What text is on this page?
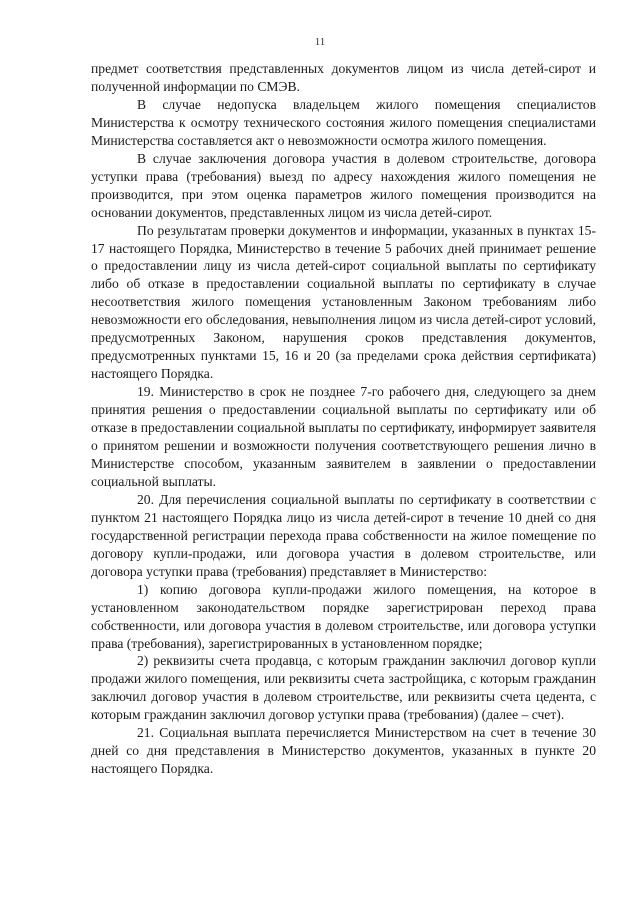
11

предмет соответствия представленных документов лицом из числа детей-сирот и полученной информации по СМЭВ.

В случае недопуска владельцем жилого помещения специалистов Министерства к осмотру технического состояния жилого помещения специалистами Министерства составляется акт о невозможности осмотра жилого помещения.

В случае заключения договора участия в долевом строительстве, договора уступки права (требования) выезд по адресу нахождения жилого помещения не производится, при этом оценка параметров жилого помещения производится на основании документов, представленных лицом из числа детей-сирот.

По результатам проверки документов и информации, указанных в пунктах 15-17 настоящего Порядка, Министерство в течение 5 рабочих дней принимает решение о предоставлении лицу из числа детей-сирот социальной выплаты по сертификату либо об отказе в предоставлении социальной выплаты по сертификату в случае несоответствия жилого помещения установленным Законом требованиям либо невозможности его обследования, невыполнения лицом из числа детей-сирот условий, предусмотренных Законом, нарушения сроков представления документов, предусмотренных пунктами 15, 16 и 20 (за пределами срока действия сертификата) настоящего Порядка.

19. Министерство в срок не позднее 7-го рабочего дня, следующего за днем принятия решения о предоставлении социальной выплаты по сертификату или об отказе в предоставлении социальной выплаты по сертификату, информирует заявителя о принятом решении и возможности получения соответствующего решения лично в Министерстве способом, указанным заявителем в заявлении о предоставлении социальной выплаты.

20. Для перечисления социальной выплаты по сертификату в соответствии с пунктом 21 настоящего Порядка лицо из числа детей-сирот в течение 10 дней со дня государственной регистрации перехода права собственности на жилое помещение по договору купли-продажи, или договора участия в долевом строительстве, или договора уступки права (требования) представляет в Министерство:

1) копию договора купли-продажи жилого помещения, на которое в установленном законодательством порядке зарегистрирован переход права собственности, или договора участия в долевом строительстве, или договора уступки права (требования), зарегистрированных в установленном порядке;

2) реквизиты счета продавца, с которым гражданин заключил договор купли продажи жилого помещения, или реквизиты счета застройщика, с которым гражданин заключил договор участия в долевом строительстве, или реквизиты счета цедента, с которым гражданин заключил договор уступки права (требования) (далее – счет).

21. Социальная выплата перечисляется Министерством на счет в течение 30 дней со дня представления в Министерство документов, указанных в пункте 20 настоящего Порядка.
